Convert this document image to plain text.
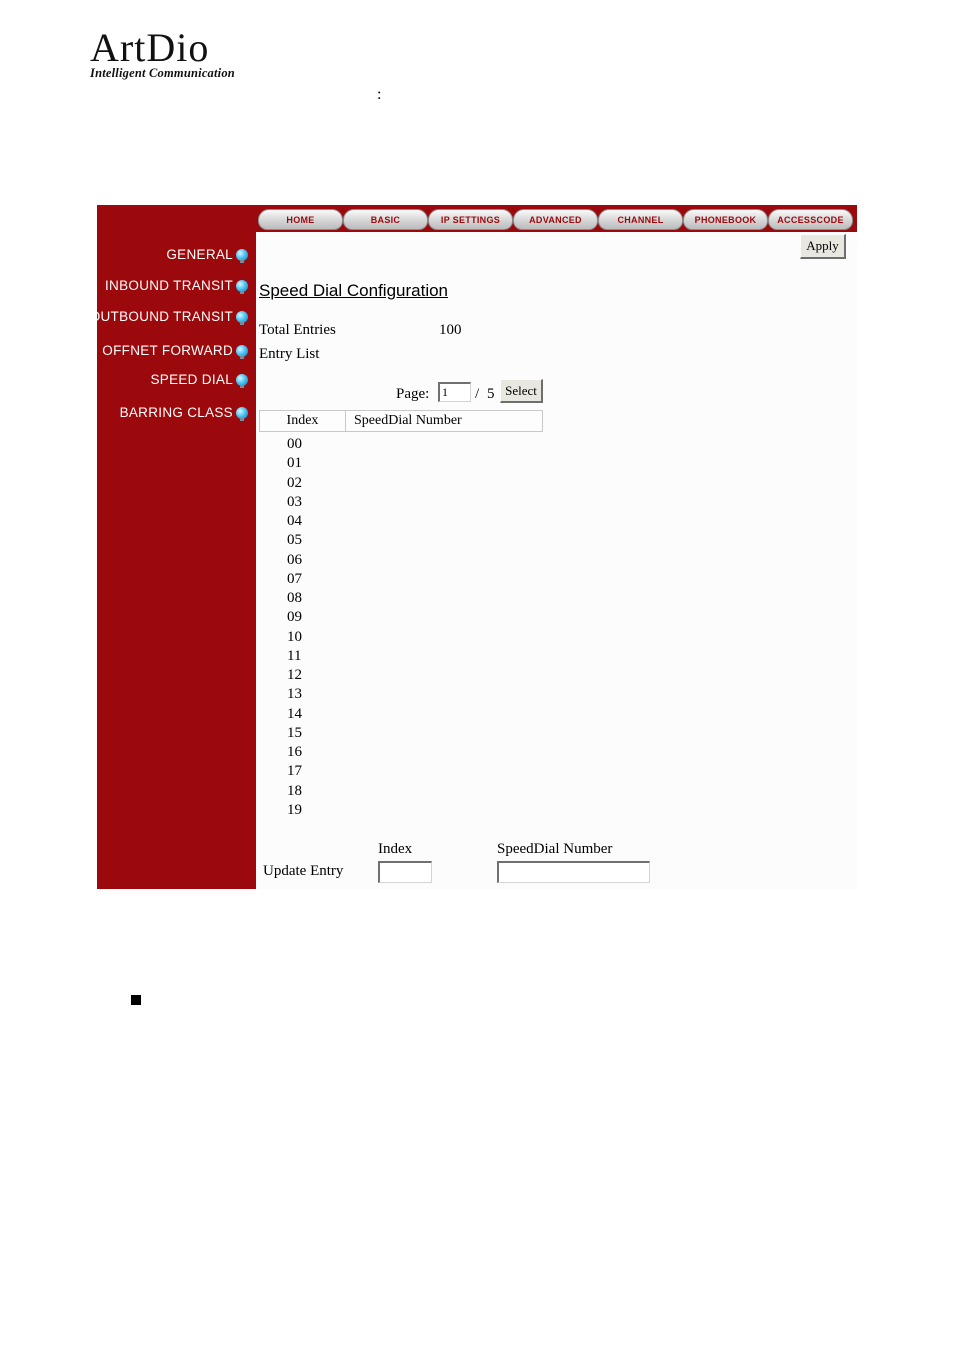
ArtDio
Intelligent Communication
:
GENERAL
INBOUND TRANSIT
OUTBOUND TRANSIT
OFFNET FORWARD
SPEED DIAL
BARRING CLASS
HOME	BASIC	IP SETTINGS	ADVANCED	CHANNEL	PHONEBOOK	ACCESSCODE
Apply
Speed Dial Configuration
Total Entries	100
Entry List
Page:
1	/ 5 Select
Index	SpeedDial Number
00
01
02
03
04
05
06
07
08
09
10
11
12
13
14
15
16
17
18
19
Index	SpeedDial Number
Update Entry
